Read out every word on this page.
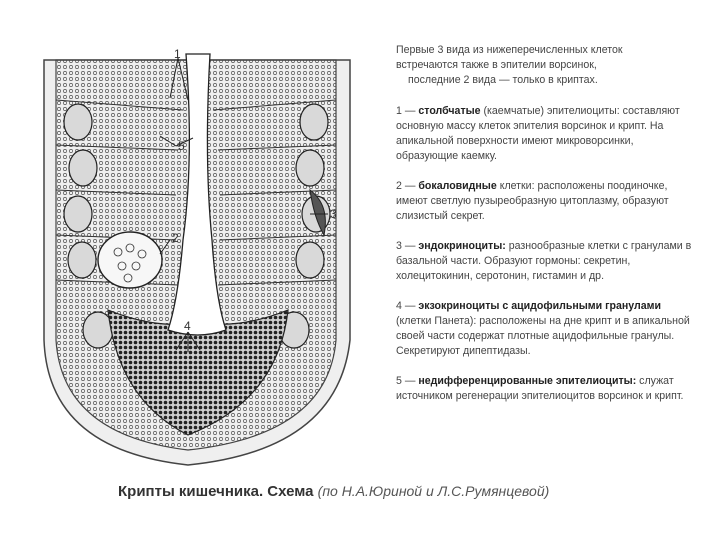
1
5
2
3
4

Первые 3 вида из нижеперечисленных клеток
встречаются также в эпителии ворсинок,

последние 2 вида — только в криптах.

1 — столбчатые (каемчатые) эпителиоциты: составляют основную массу клеток эпителия ворсинок и крипт. На апикальной поверхности имеют микроворсинки, образующие каемку.

2 — бокаловидные клетки: расположены поодиночке, имеют светлую пузыреобразную цитоплазму, образуют слизистый секрет.

3 — эндокриноциты: разнообразные клетки с гранулами в базальной части. Образуют гормоны: секретин, холецитокинин, серотонин, гистамин и др.

4 — экзокриноциты с ацидофильными гранулами (клетки Панета): расположены на дне крипт и в апикальной своей части содержат плотные ацидофильные гранулы. Секретируют дипептидазы.

5 — недифференцированные эпителиоциты: служат источником регенерации эпителиоцитов ворсинок и крипт.

Крипты кишечника. Схема (по Н.А.Юриной и Л.С.Румянцевой)
